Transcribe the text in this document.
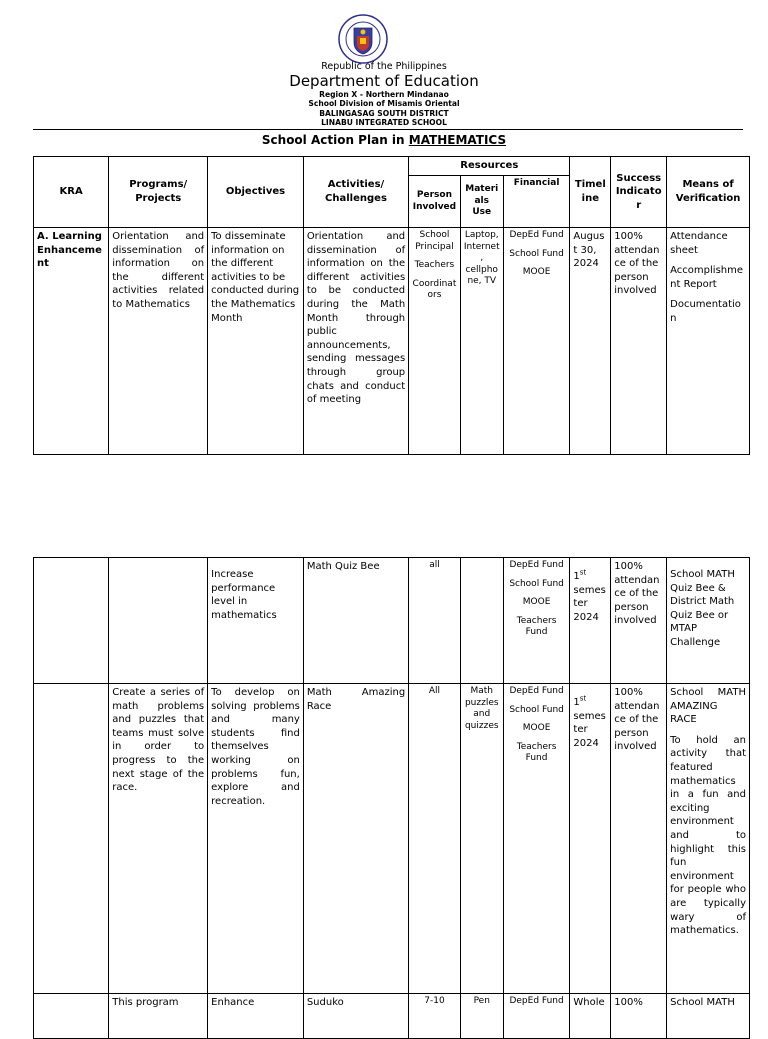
Republic of the Philippines
Department of Education
Region X - Northern Mindanao
School Division of Misamis Oriental
BALINGASAG SOUTH DISTRICT
LINABU INTEGRATED SCHOOL
School Action Plan in MATHEMATICS
KRA	Programs/ Projects	Objectives	Activities/ Challenges	Resources			Timeline	Success Indicator	Means of Verification
				Person Involved	Materials Use	Financial			
A. Learning Enhancement	Orientation and dissemination of information on the different activities related to Mathematics	To disseminate information on the different activities to be conducted during the Mathematics Month	Orientation and dissemination of information on the different activities to be conducted during the Math Month through public announcements, sending messages through group chats and conduct of meeting	School Principal
Teachers
Coordinators	Laptop, Internet, cellphone, TV	DepEd Fund
School Fund
MOOE	August 30, 2024	100% attendance of the person involved	Attendance sheet
Accomplishment Report
Documentation
		Increase performance level in mathematics	Math Quiz Bee	all		DepEd Fund
School Fund
MOOE
Teachers Fund	1st semester 2024	100% attendance of the person involved	School MATH Quiz Bee & District Math Quiz Bee or MTAP Challenge
	Create a series of math problems and puzzles that teams must solve in order to progress to the next stage of the race.	To develop on solving problems and many students find themselves working on problems fun, explore and recreation.	Math Amazing Race	All	Math puzzles and quizzes	DepEd Fund
School Fund
MOOE
Teachers Fund	1st semester 2024	100% attendance of the person involved	School MATH AMAZING RACE
To hold an activity that featured mathematics in a fun and exciting environment and to highlight this fun environment for people who are typically wary of mathematics.

	This program	Enhance	Suduko	7-10	Pen	DepEd Fund	Whole	100%	School MATH
